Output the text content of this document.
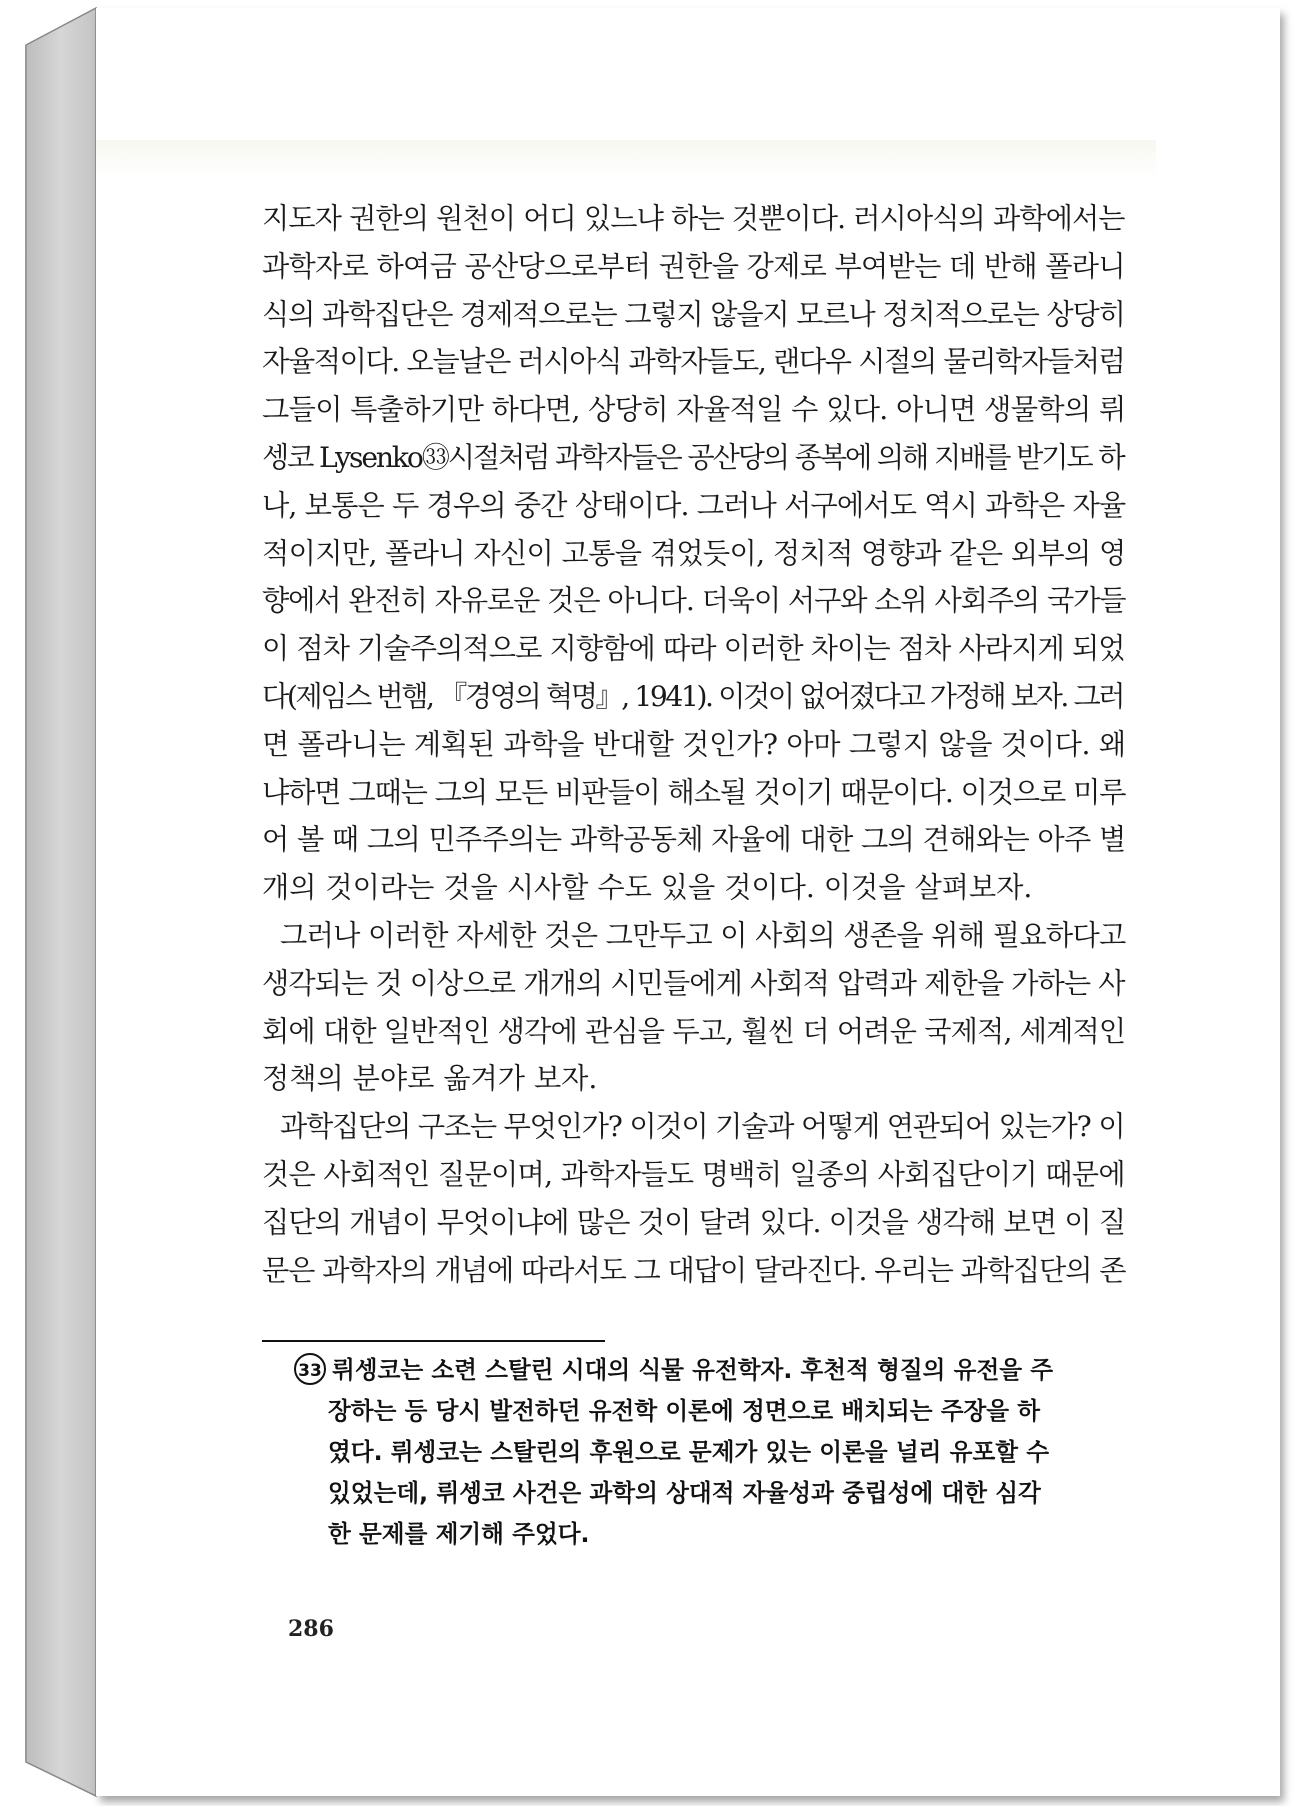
지도자 권한의 원천이 어디 있느냐 하는 것뿐이다. 러시아식의 과학에서는
과학자로 하여금 공산당으로부터 권한을 강제로 부여받는 데 반해 폴라니
식의 과학집단은 경제적으로는 그렇지 않을지 모르나 정치적으로는 상당히
자율적이다. 오늘날은 러시아식 과학자들도, 랜다우 시절의 물리학자들처럼
그들이 특출하기만 하다면, 상당히 자율적일 수 있다. 아니면 생물학의 뤼
셍코 Lysenko㉝시절처럼 과학자들은 공산당의 종복에 의해 지배를 받기도 하
나, 보통은 두 경우의 중간 상태이다. 그러나 서구에서도 역시 과학은 자율
적이지만, 폴라니 자신이 고통을 겪었듯이, 정치적 영향과 같은 외부의 영
향에서 완전히 자유로운 것은 아니다. 더욱이 서구와 소위 사회주의 국가들
이 점차 기술주의적으로 지향함에 따라 이러한 차이는 점차 사라지게 되었
다(제임스 번햄, 『경영의 혁명』, 1941). 이것이 없어졌다고 가정해 보자. 그러
면 폴라니는 계획된 과학을 반대할 것인가? 아마 그렇지 않을 것이다. 왜
냐하면 그때는 그의 모든 비판들이 해소될 것이기 때문이다. 이것으로 미루
어 볼 때 그의 민주주의는 과학공동체 자율에 대한 그의 견해와는 아주 별
개의 것이라는 것을 시사할 수도 있을 것이다. 이것을 살펴보자.
그러나 이러한 자세한 것은 그만두고 이 사회의 생존을 위해 필요하다고
생각되는 것 이상으로 개개의 시민들에게 사회적 압력과 제한을 가하는 사
회에 대한 일반적인 생각에 관심을 두고, 훨씬 더 어려운 국제적, 세계적인
정책의 분야로 옮겨가 보자.
과학집단의 구조는 무엇인가? 이것이 기술과 어떻게 연관되어 있는가? 이
것은 사회적인 질문이며, 과학자들도 명백히 일종의 사회집단이기 때문에
집단의 개념이 무엇이냐에 많은 것이 달려 있다. 이것을 생각해 보면 이 질
문은 과학자의 개념에 따라서도 그 대답이 달라진다. 우리는 과학집단의 존
33 뤼셍코는 소련 스탈린 시대의 식물 유전학자. 후천적 형질의 유전을 주
장하는 등 당시 발전하던 유전학 이론에 정면으로 배치되는 주장을 하
였다. 뤼셍코는 스탈린의 후원으로 문제가 있는 이론을 널리 유포할 수
있었는데, 뤼셍코 사건은 과학의 상대적 자율성과 중립성에 대한 심각
한 문제를 제기해 주었다.
286
